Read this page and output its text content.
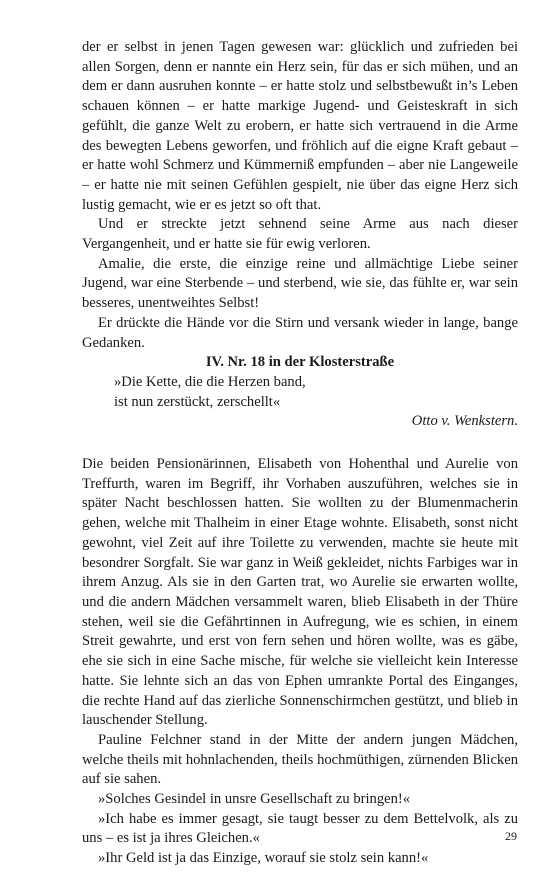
der er selbst in jenen Tagen gewesen war: glücklich und zufrieden bei allen Sorgen, denn er nannte ein Herz sein, für das er sich mühen, und an dem er dann ausruhen konnte – er hatte stolz und selbstbewußt in’s Leben schauen können – er hatte markige Jugend- und Geisteskraft in sich gefühlt, die ganze Welt zu erobern, er hatte sich vertrauend in die Arme des bewegten Lebens geworfen, und fröhlich auf die eigne Kraft gebaut – er hatte wohl Schmerz und Kümmerniß empfunden – aber nie Langeweile – er hatte nie mit seinen Gefühlen gespielt, nie über das eigne Herz sich lustig gemacht, wie er es jetzt so oft that.

Und er streckte jetzt sehnend seine Arme aus nach dieser Vergangenheit, und er hatte sie für ewig verloren.

Amalie, die erste, die einzige reine und allmächtige Liebe seiner Jugend, war eine Sterbende – und sterbend, wie sie, das fühlte er, war sein besseres, unentweihtes Selbst!

Er drückte die Hände vor die Stirn und versank wieder in lange, bange Gedanken.

IV. Nr. 18 in der Klosterstraße

»Die Kette, die die Herzen band,
ist nun zerstückt, zerschellt«
Otto v. Wenkstern.

Die beiden Pensionärinnen, Elisabeth von Hohenthal und Aurelie von Treffurth, waren im Begriff, ihr Vorhaben auszuführen, welches sie in später Nacht beschlossen hatten. Sie wollten zu der Blumenmacherin gehen, welche mit Thalheim in einer Etage wohnte. Elisabeth, sonst nicht gewohnt, viel Zeit auf ihre Toilette zu verwenden, machte sie heute mit besondrer Sorgfalt. Sie war ganz in Weiß gekleidet, nichts Farbiges war in ihrem Anzug. Als sie in den Garten trat, wo Aurelie sie erwarten wollte, und die andern Mädchen versammelt waren, blieb Elisabeth in der Thüre stehen, weil sie die Gefährtinnen in Aufregung, wie es schien, in einem Streit gewahrte, und erst von fern sehen und hören wollte, was es gäbe, ehe sie sich in eine Sache mische, für welche sie vielleicht kein Interesse hatte. Sie lehnte sich an das von Ephen umrankte Portal des Einganges, die rechte Hand auf das zierliche Sonnenschirmchen gestützt, und blieb in lauschender Stellung.

Pauline Felchner stand in der Mitte der andern jungen Mädchen, welche theils mit hohnlachenden, theils hochmüthigen, zürnenden Blicken auf sie sahen.

»Solches Gesindel in unsre Gesellschaft zu bringen!«

»Ich habe es immer gesagt, sie taugt besser zu dem Bettelvolk, als zu uns – es ist ja ihres Gleichen.«

»Ihr Geld ist ja das Einzige, worauf sie stolz sein kann!«

29
